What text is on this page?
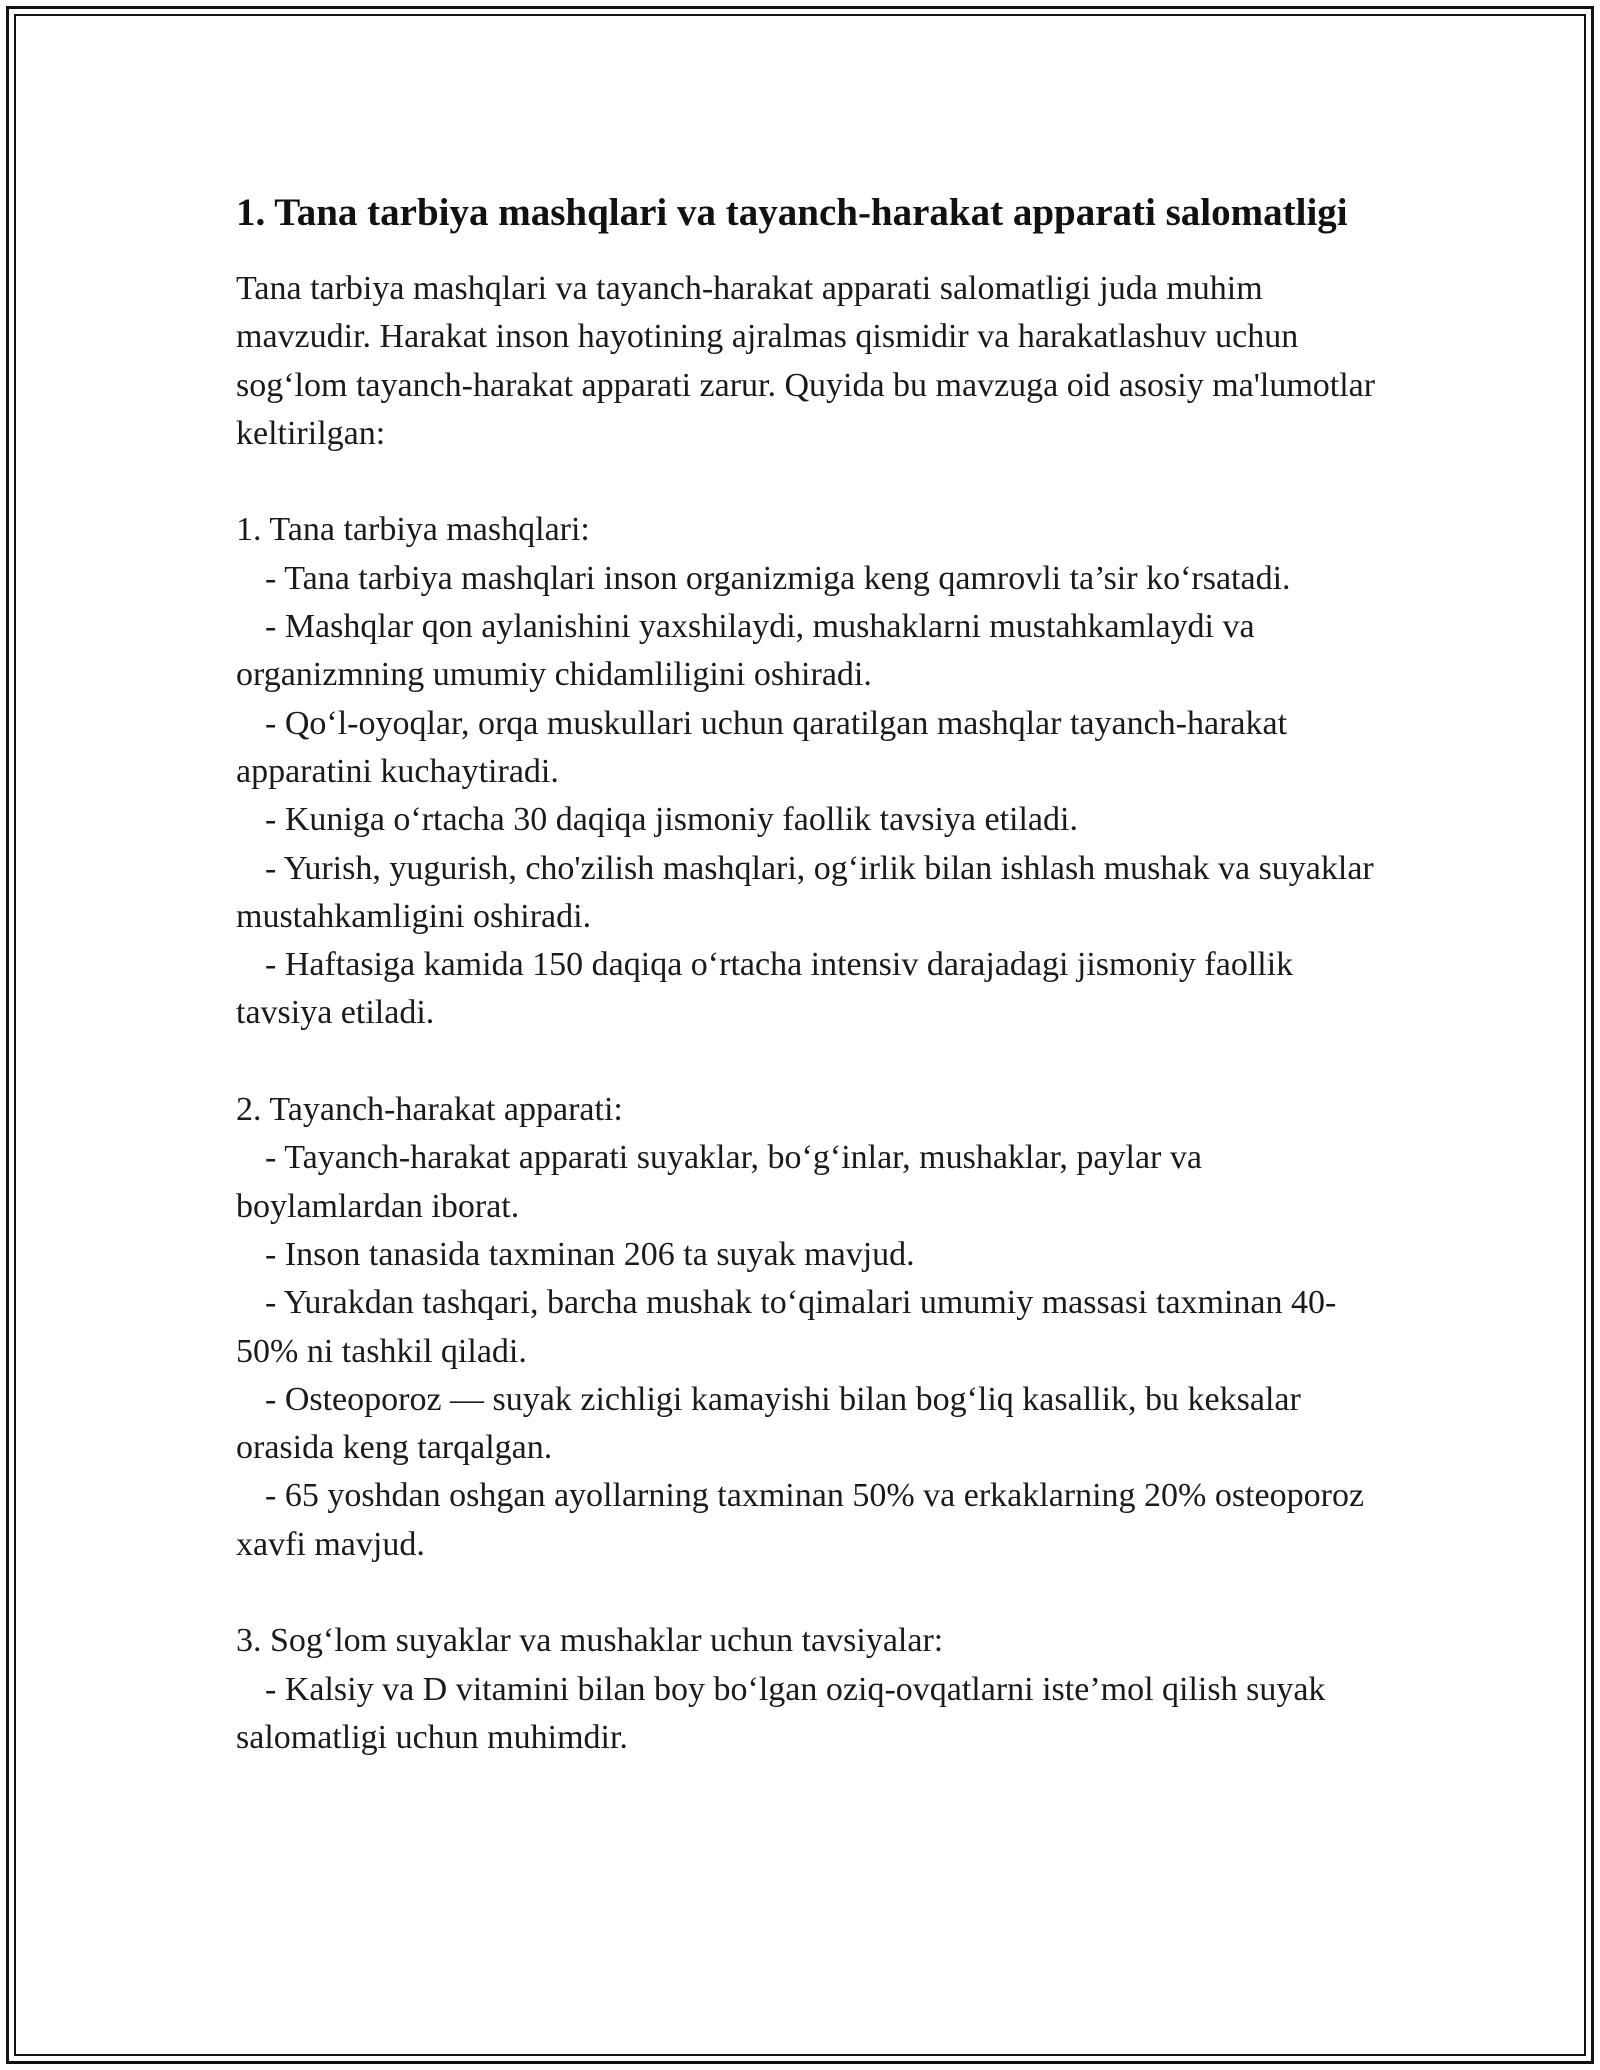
1. Tana tarbiya mashqlari va tayanch-harakat apparati salomatligi

Tana tarbiya mashqlari va tayanch-harakat apparati salomatligi juda muhim mavzudir. Harakat inson hayotining ajralmas qismidir va harakatlashuv uchun sog‘lom tayanch-harakat apparati zarur. Quyida bu mavzuga oid asosiy ma'lumotlar keltirilgan:

1. Tana tarbiya mashqlari:

- Tana tarbiya mashqlari inson organizmiga keng qamrovli ta’sir ko‘rsatadi.

- Mashqlar qon aylanishini yaxshilaydi, mushaklarni mustahkamlaydi va organizmning umumiy chidamliligini oshiradi.

- Qo‘l-oyoqlar, orqa muskullari uchun qaratilgan mashqlar tayanch-harakat apparatini kuchaytiradi.

- Kuniga o‘rtacha 30 daqiqa jismoniy faollik tavsiya etiladi.

- Yurish, yugurish, cho'zilish mashqlari, og‘irlik bilan ishlash mushak va suyaklar mustahkamligini oshiradi.

- Haftasiga kamida 150 daqiqa o‘rtacha intensiv darajadagi jismoniy faollik tavsiya etiladi.

2. Tayanch-harakat apparati:

- Tayanch-harakat apparati suyaklar, bo‘g‘inlar, mushaklar, paylar va boylamlardan iborat.

- Inson tanasida taxminan 206 ta suyak mavjud.

- Yurakdan tashqari, barcha mushak to‘qimalari umumiy massasi taxminan 40-50% ni tashkil qiladi.

- Osteoporoz — suyak zichligi kamayishi bilan bog‘liq kasallik, bu keksalar orasida keng tarqalgan.

- 65 yoshdan oshgan ayollarning taxminan 50% va erkaklarning 20% osteoporoz xavfi mavjud.

3. Sog‘lom suyaklar va mushaklar uchun tavsiyalar:

- Kalsiy va D vitamini bilan boy bo‘lgan oziq-ovqatlarni iste’mol qilish suyak salomatligi uchun muhimdir.
